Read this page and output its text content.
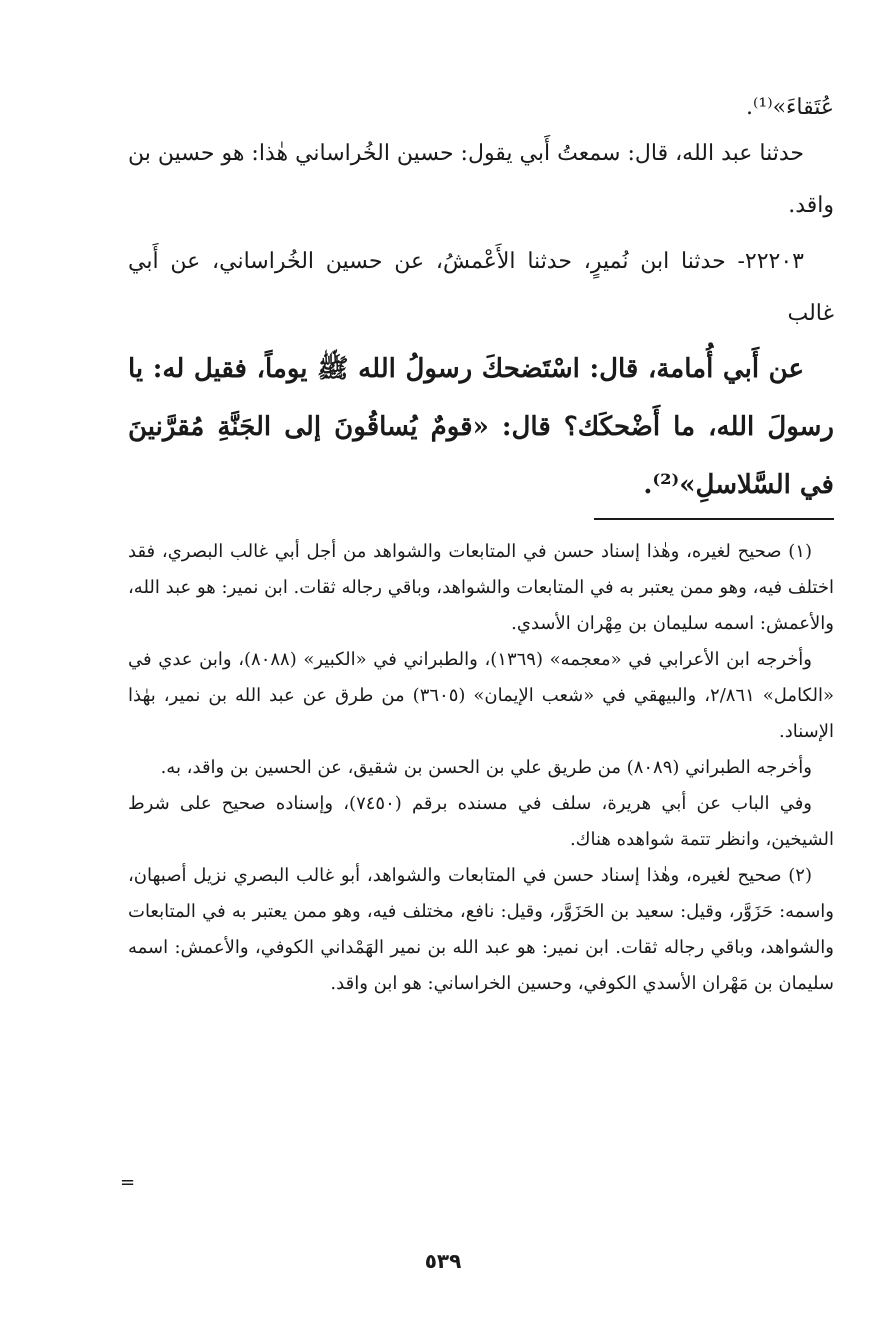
عُتَقاءَ»⁽¹⁾.

حدثنا عبد الله، قال: سمعتُ أَبي يقول: حسين الخُراساني هٰذا: هو حسين بن واقد.

٢٢٢٠٣- حدثنا ابن نُميرٍ، حدثنا الأَعْمشُ، عن حسين الخُراساني، عن أَبي غالب

عن أَبي أُمامة، قال: اسْتَضحكَ رسولُ الله ﷺ يوماً، فقيل له: يا رسولَ الله، ما أَضْحكَك؟ قال: «قومٌ يُساقُونَ إلى الجَنَّةِ مُقرَّنينَ في السَّلاسلِ»⁽²⁾.

(١) صحيح لغيره، وهٰذا إسناد حسن في المتابعات والشواهد من أجل أبي غالب البصري، فقد اختلف فيه، وهو ممن يعتبر به في المتابعات والشواهد، وباقي رجاله ثقات. ابن نمير: هو عبد الله، والأعمش: اسمه سليمان بن مِهْران الأسدي.

وأخرجه ابن الأعرابي في «معجمه» (١٣٦٩)، والطبراني في «الكبير» (٨٠٨٨)، وابن عدي في «الكامل» ٢/٨٦١، والبيهقي في «شعب الإيمان» (٣٦٠٥) من طرق عن عبد الله بن نمير، بهٰذا الإسناد.

وأخرجه الطبراني (٨٠٨٩) من طريق علي بن الحسن بن شقيق، عن الحسين بن واقد، به.

وفي الباب عن أبي هريرة، سلف في مسنده برقم (٧٤٥٠)، وإسناده صحيح على شرط الشيخين، وانظر تتمة شواهده هناك.

(٢) صحيح لغيره، وهٰذا إسناد حسن في المتابعات والشواهد، أبو غالب البصري نزيل أصبهان، واسمه: حَزَوَّر، وقيل: سعيد بن الحَزَوَّر، وقيل: نافع، مختلف فيه، وهو ممن يعتبر به في المتابعات والشواهد، وباقي رجاله ثقات. ابن نمير: هو عبد الله بن نمير الهَمْداني الكوفي، والأعمش: اسمه سليمان بن مَهْران الأسدي الكوفي، وحسين الخراساني: هو ابن واقد.

=
٥٣٩
